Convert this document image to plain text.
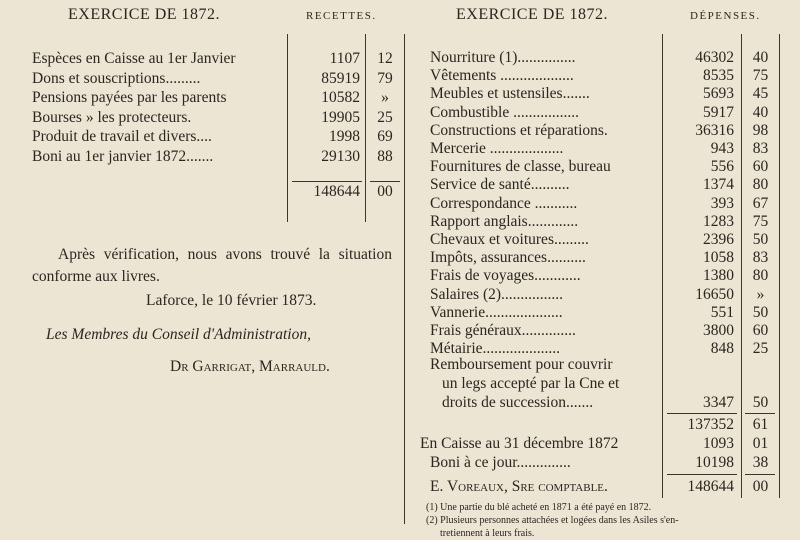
EXERCICE DE 1872.	RECETTES.
Espèces en Caisse au 1er Janvier	1107	12
Dons et souscriptions.........	85919	79
Pensions payées par les parents	10582	»
Bourses » les protecteurs.	19905	25
Produit de travail et divers....	1998	69
Boni au 1er janvier 1872.......	29130	88
148644	00
Après vérification, nous avons trouvé la situation conforme aux livres.
Laforce, le 10 février 1873.
Les Membres du Conseil d'Administration,
Dr Garrigat, Marrauld.
EXERCICE DE 1872.	DÉPENSES.
Nourriture (1)...............	46302	40
Vêtements ...................	8535	75
Meubles et ustensiles.......	5693	45
Combustible .................	5917	40
Constructions et réparations.	36316	98
Mercerie ...................	943	83
Fournitures de classe, bureau	556	60
Service de santé..........	1374	80
Correspondance ...........	393	67
Rapport anglais.............	1283	75
Chevaux et voitures.........	2396	50
Impôts, assurances..........	1058	83
Frais de voyages............	1380	80
Salaires (2)................	16650	»
Vannerie....................	551	50
Frais généraux..............	3800	60
Métairie....................	848	25
Remboursement pour couvrir
un legs accepté par la Cne et
droits de succession.......	3347	50
137352	61
En Caisse au 31 décembre 1872	1093	01
Boni à ce jour..............	10198	38
E. Voreaux, Sre comptable.	148644	00
(1) Une partie du blé acheté en 1871 a été payé en 1872.
(2) Plusieurs personnes attachées et logées dans les Asiles s'en-
tretiennent à leurs frais.
